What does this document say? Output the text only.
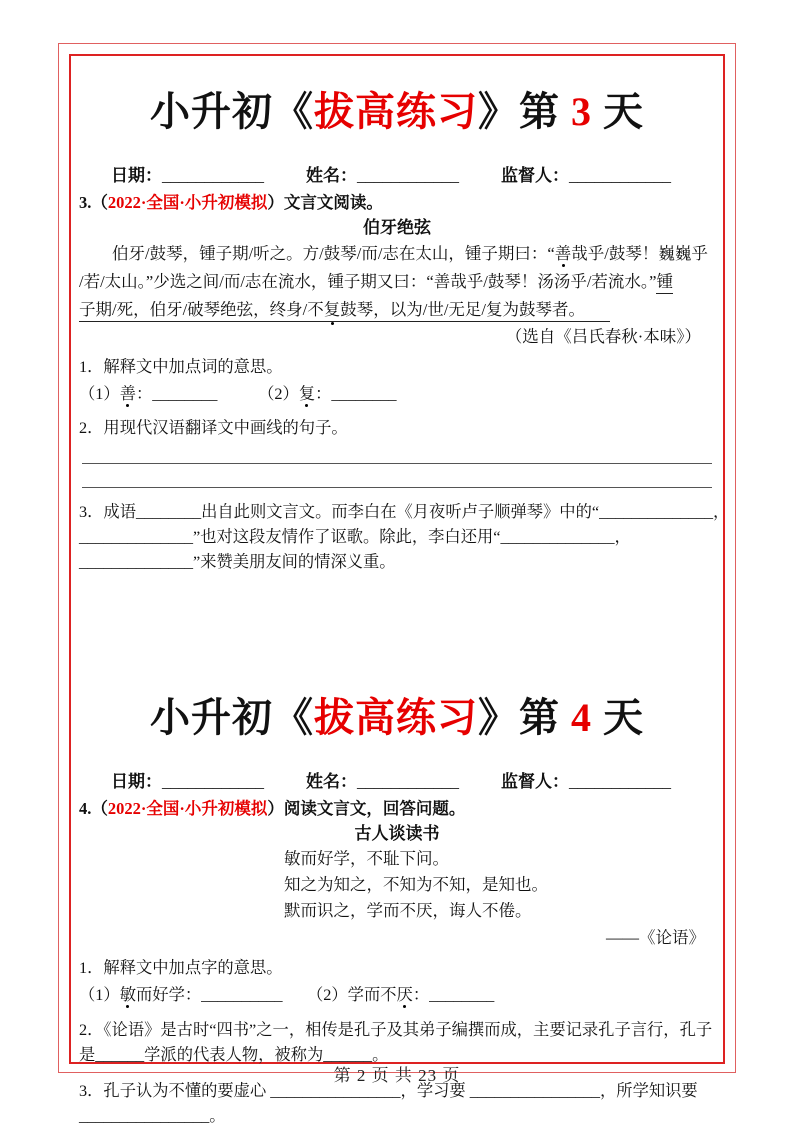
小升初《拔高练习》第 3 天
日期：____________ 姓名：____________ 监督人：____________
3.（2022·全国·小升初模拟）文言文阅读。
伯牙绝弦
伯牙/鼓琴，锺子期/听之。方/鼓琴/而/志在太山，锺子期曰：“善哉乎/鼓琴！巍巍乎
/若/太山。”少选之间/而/志在流水，锺子期又曰：“善哉乎/鼓琴！汤汤乎/若流水。”锺
子期/死，伯牙/破琴绝弦，终身/不复鼓琴，以为/世/无足/复为鼓琴者。　　
（选自《吕氏春秋·本味》）
1．解释文中加点词的意思。
（1）善：________　　　（2）复：________
2．用现代汉语翻译文中画线的句子。
3．成语________出自此则文言文。而李白在《月夜听卢子顺弹琴》中的“______________，
______________”也对这段友情作了讴歌。除此，李白还用“______________，
______________”来赞美朋友间的情深义重。
小升初《拔高练习》第 4 天
日期：____________ 姓名：____________ 监督人：____________
4.（2022·全国·小升初模拟）阅读文言文，回答问题。
古人谈读书
敏而好学，不耻下问。
知之为知之，不知为不知，是知也。
默而识之，学而不厌，诲人不倦。
——《论语》
1．解释文中加点字的意思。
（1）敏而好学：__________　　（2）学而不厌：________
2．《论语》是古时“四书”之一，相传是孔子及其弟子编撰而成，主要记录孔子言行，孔子
是______学派的代表人物，被称为______。
3．孔子认为不懂的要虚心 ________________，学习要 ________________，所学知识要
________________。
第 2 页 共 23 页
